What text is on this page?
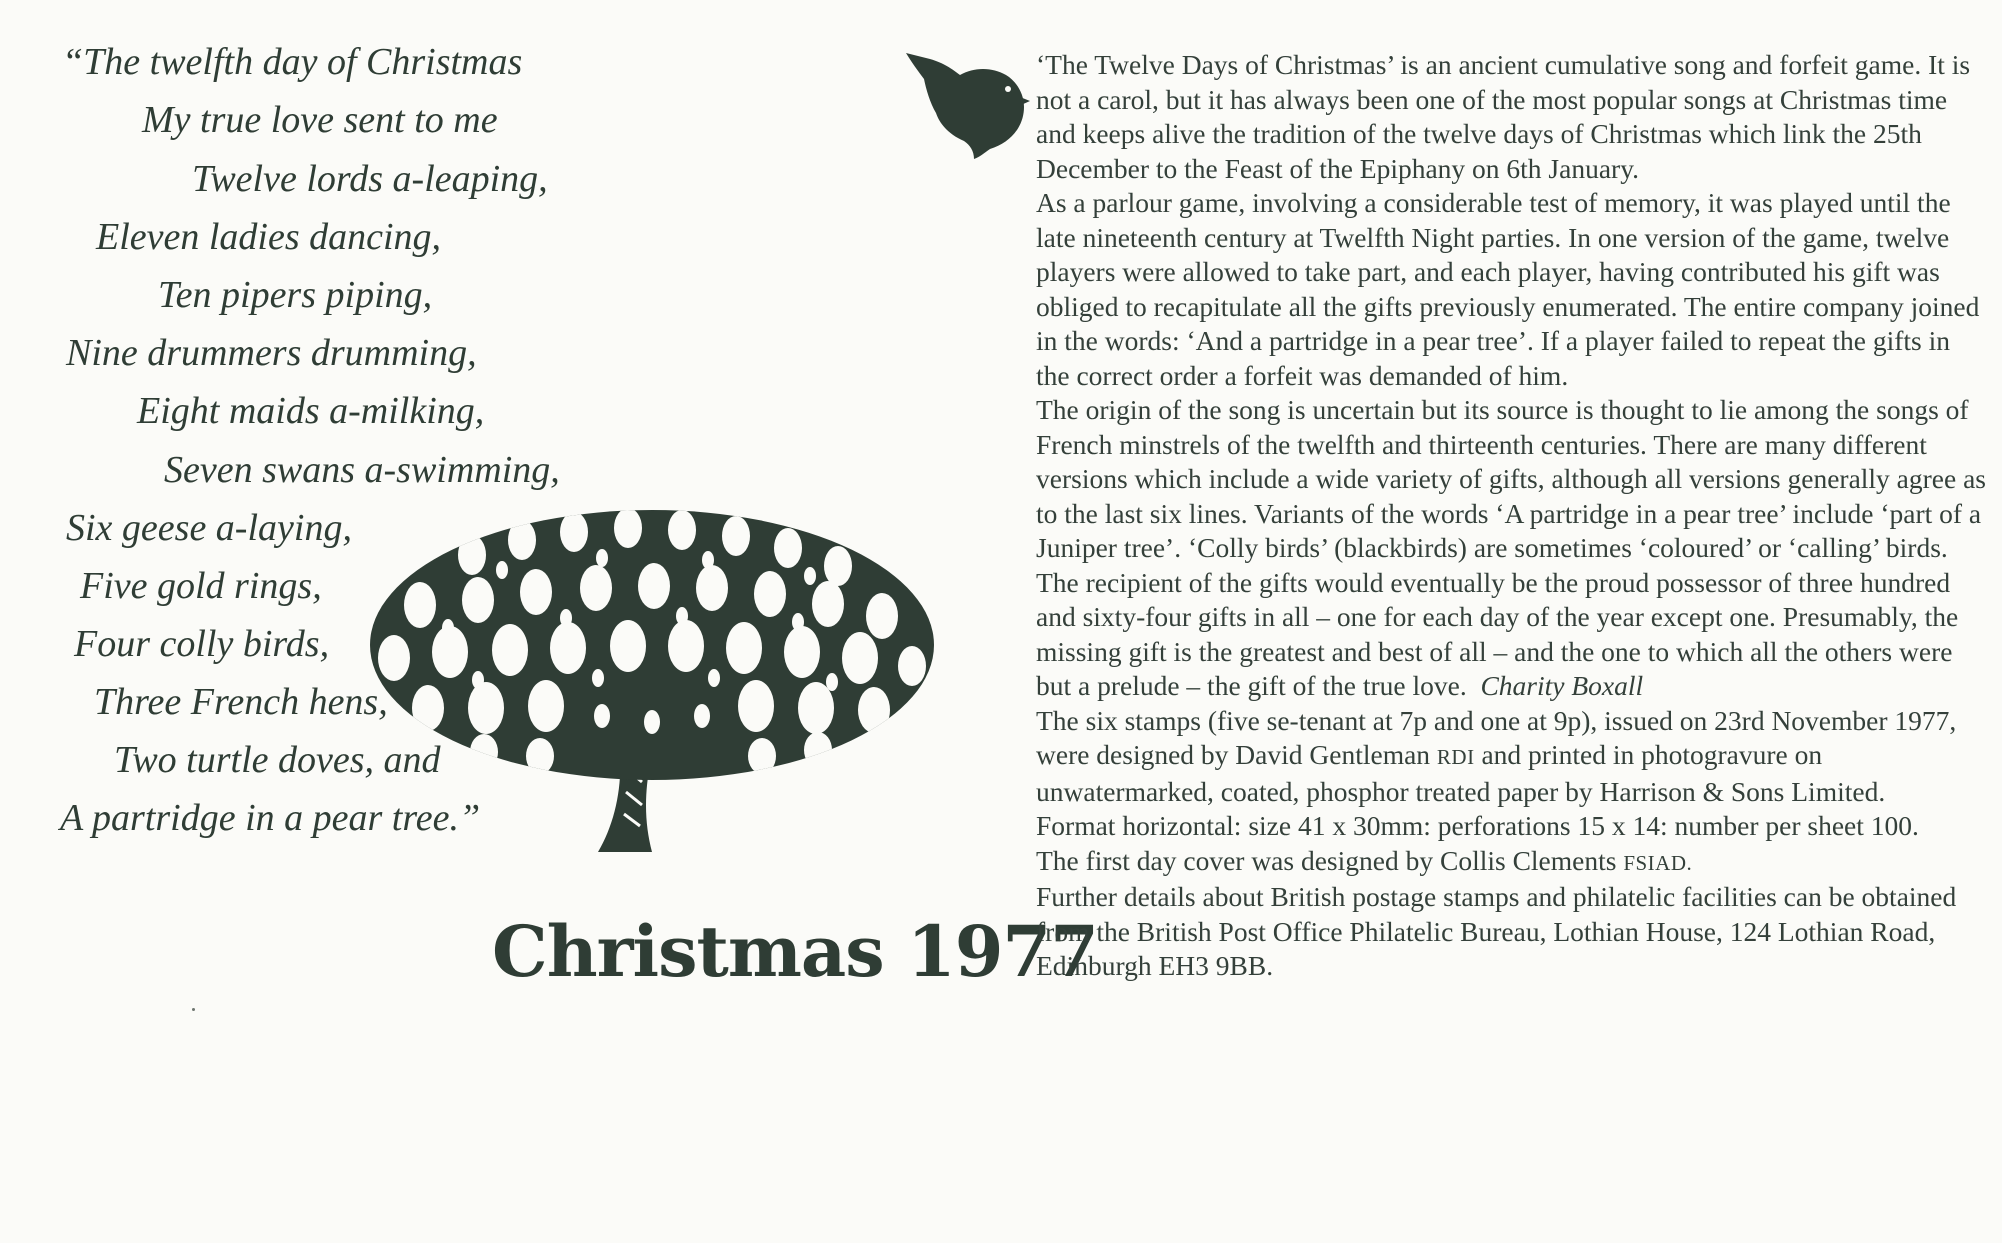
“The twelfth day of Christmas
My true love sent to me
Twelve lords a-leaping,
Eleven ladies dancing,
Ten pipers piping,
Nine drummers drumming,
Eight maids a-milking,
Seven swans a-swimming,
Six geese a-laying,
Five gold rings,
Four colly birds,
Three French hens,
Two turtle doves, and
A partridge in a pear tree.”
Christmas 1977

‘The Twelve Days of Christmas’ is an ancient cumulative song and forfeit game. It is not a carol, but it has always been one of the most popular songs at Christmas time and keeps alive the tradition of the twelve days of Christmas which link the 25th December to the Feast of the Epiphany on 6th January.

As a parlour game, involving a considerable test of memory, it was played until the late nineteenth century at Twelfth Night parties. In one version of the game, twelve players were allowed to take part, and each player, having contributed his gift was obliged to recapitulate all the gifts previously enumerated. The entire company joined in the words: ‘And a partridge in a pear tree’. If a player failed to repeat the gifts in the correct order a forfeit was demanded of him.

The origin of the song is uncertain but its source is thought to lie among the songs of French minstrels of the twelfth and thirteenth centuries. There are many different versions which include a wide variety of gifts, although all versions generally agree as to the last six lines. Variants of the words ‘A partridge in a pear tree’ include ‘part of a Juniper tree’. ‘Colly birds’ (blackbirds) are sometimes ‘coloured’ or ‘calling’ birds. The recipient of the gifts would eventually be the proud possessor of three hundred and sixty-four gifts in all – one for each day of the year except one. Presumably, the missing gift is the greatest and best of all – and the one to which all the others were but a prelude – the gift of the true love. Charity Boxall

The six stamps (five se-tenant at 7p and one at 9p), issued on 23rd November 1977, were designed by David Gentleman RDI and printed in photogravure on unwatermarked, coated, phosphor treated paper by Harrison & Sons Limited.

Format horizontal: size 41 x 30mm: perforations 15 x 14: number per sheet 100.

The first day cover was designed by Collis Clements FSIAD.

Further details about British postage stamps and philatelic facilities can be obtained from the British Post Office Philatelic Bureau, Lothian House, 124 Lothian Road, Edinburgh EH3 9BB.
